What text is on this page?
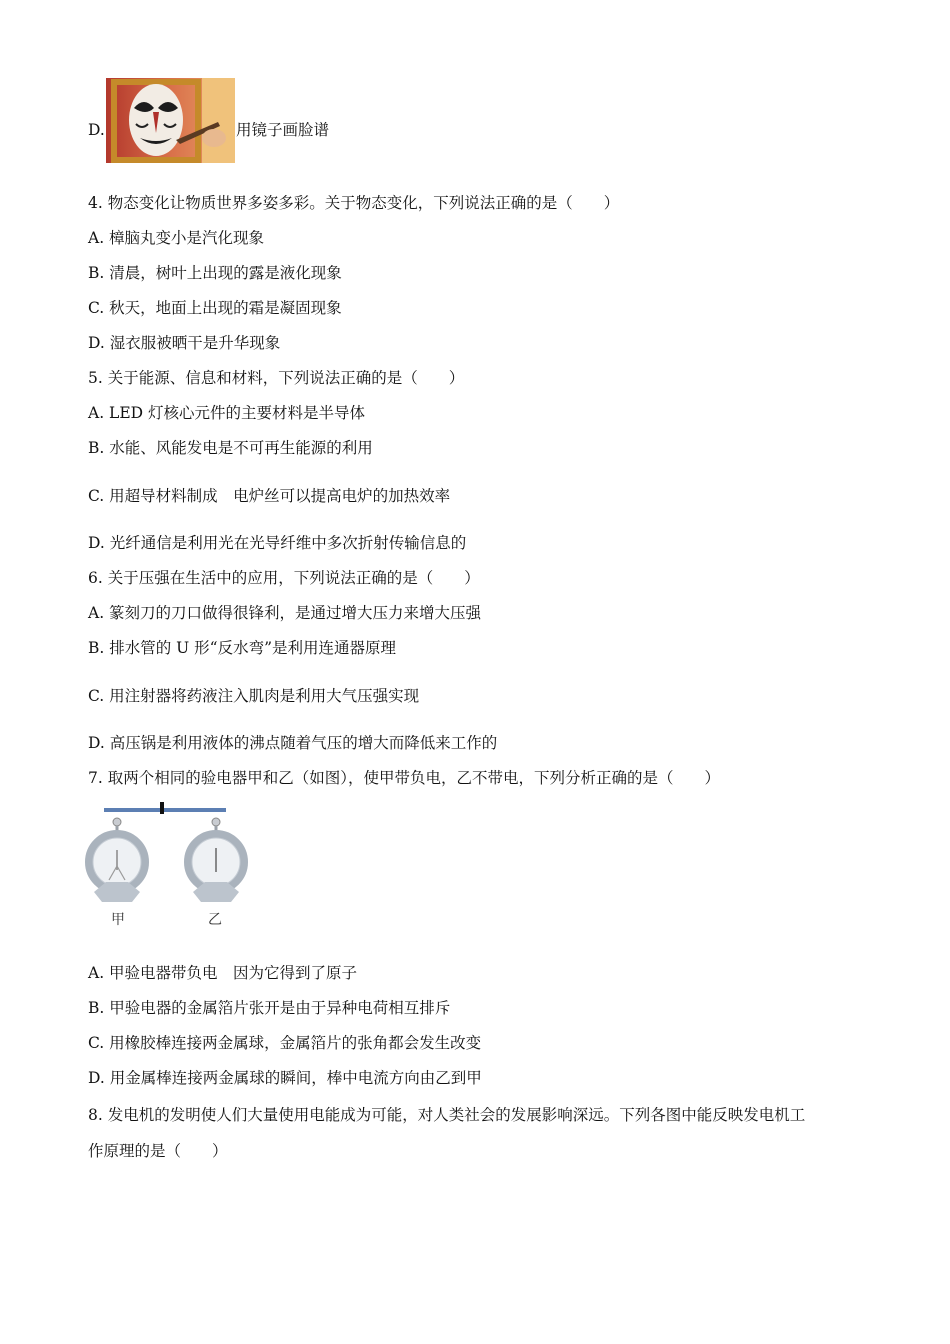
D.	用镜子画脸谱
4. 物态变化让物质世界多姿多彩。关于物态变化，下列说法正确的是（　　）
A. 樟脑丸变小是汽化现象
B. 清晨，树叶上出现的露是液化现象
C. 秋天，地面上出现的霜是凝固现象
D. 湿衣服被晒干是升华现象
5. 关于能源、信息和材料，下列说法正确的是（　　）
A. LED 灯核心元件的主要材料是半导体
B. 水能、风能发电是不可再生能源的利用
C. 用超导材料制成　电炉丝可以提高电炉的加热效率
D. 光纤通信是利用光在光导纤维中多次折射传输信息的
6. 关于压强在生活中的应用，下列说法正确的是（　　）
A. 篆刻刀的刀口做得很锋利，是通过增大压力来增大压强
B. 排水管的 U 形“反水弯”是利用连通器原理
C. 用注射器将药液注入肌肉是利用大气压强实现
D. 高压锅是利用液体的沸点随着气压的增大而降低来工作的
7. 取两个相同的验电器甲和乙（如图），使甲带负电，乙不带电，下列分析正确的是（　　）
甲	乙
A. 甲验电器带负电　因为它得到了原子
B. 甲验电器的金属箔片张开是由于异种电荷相互排斥
C. 用橡胶棒连接两金属球，金属箔片的张角都会发生改变
D. 用金属棒连接两金属球的瞬间，棒中电流方向由乙到甲
8. 发电机的发明使人们大量使用电能成为可能，对人类社会的发展影响深远。下列各图中能反映发电机工
作原理的是（　　）
